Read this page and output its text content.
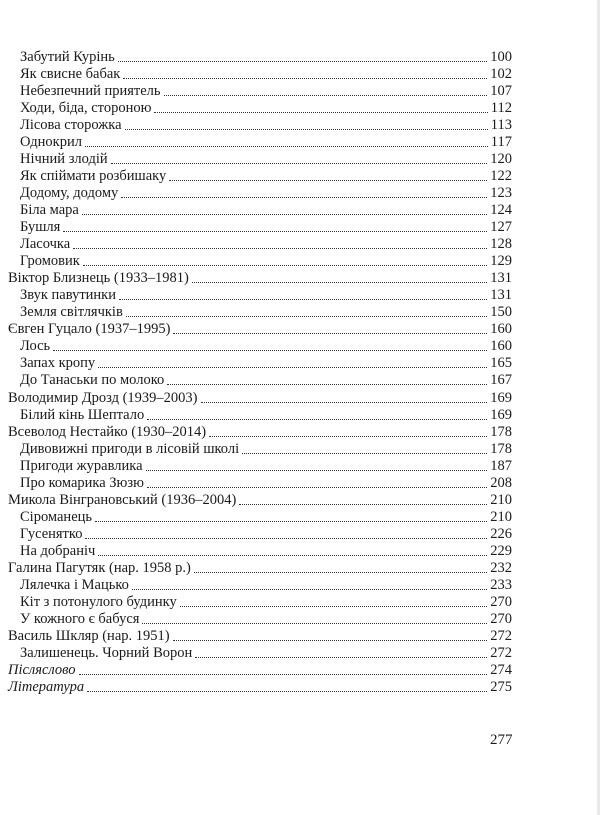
Забутий Курінь	100
Як свисне бабак	102
Небезпечний приятель	107
Ходи, біда, стороною	112
Лісова сторожка	113
Однокрил	117
Нічний злодій	120
Як спіймати розбишаку	122
Додому, додому	123
Біла мара	124
Бушля	127
Ласочка	128
Громовик	129
Віктор Близнець (1933–1981)	131
Звук павутинки	131
Земля світлячків	150
Євген Гуцало (1937–1995)	160
Лось	160
Запах кропу	165
До Танаськи по молоко	167
Володимир Дрозд (1939–2003)	169
Білий кінь Шептало	169
Всеволод Нестайко (1930–2014)	178
Дивовижні пригоди в лісовій школі	178
Пригоди журавлика	187
Про комарика Зюзю	208
Микола Вінграновський (1936–2004)	210
Сіроманець	210
Гусенятко	226
На добраніч	229
Галина Пагутяк (нар. 1958 р.)	232
Лялечка і Мацько	233
Кіт з потонулого будинку	270
У кожного є бабуся	270
Василь Шкляр (нар. 1951)	272
Залишенець. Чорний Ворон	272
Післяслово	274
Література	275
277
